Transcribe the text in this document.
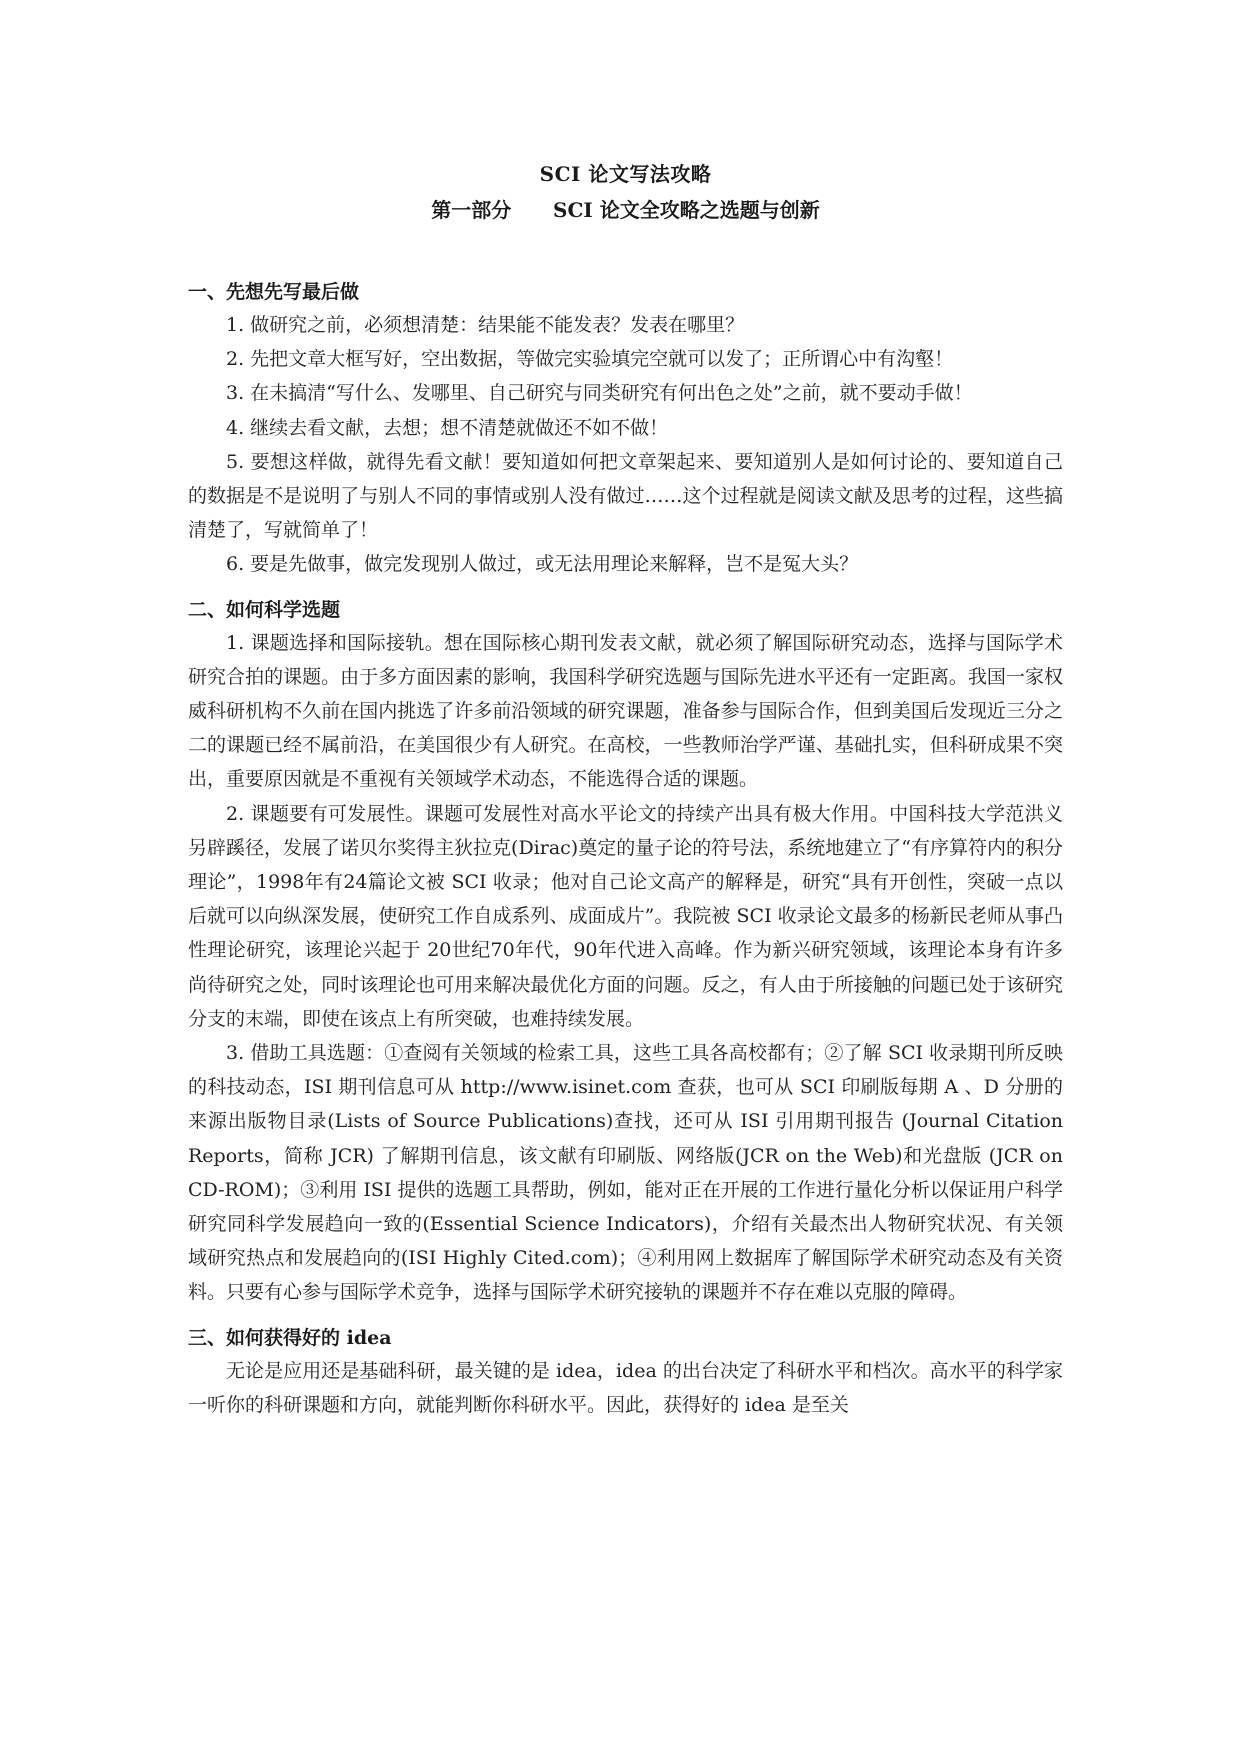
SCI 论文写法攻略
第一部分      SCI 论文全攻略之选题与创新
一、先想先写最后做

1. 做研究之前，必须想清楚：结果能不能发表？发表在哪里？

2. 先把文章大框写好，空出数据，等做完实验填完空就可以发了；正所谓心中有沟壑！

3. 在未搞清“写什么、发哪里、自己研究与同类研究有何出色之处”之前，就不要动手做！

4. 继续去看文献，去想；想不清楚就做还不如不做！

5. 要想这样做，就得先看文献！要知道如何把文章架起来、要知道别人是如何讨论的、要知道自己的数据是不是说明了与别人不同的事情或别人没有做过……这个过程就是阅读文献及思考的过程，这些搞清楚了，写就简单了！

6. 要是先做事，做完发现别人做过，或无法用理论来解释，岂不是冤大头？

二、如何科学选题

1. 课题选择和国际接轨。想在国际核心期刊发表文献，就必须了解国际研究动态，选择与国际学术研究合拍的课题。由于多方面因素的影响，我国科学研究选题与国际先进水平还有一定距离。我国一家权威科研机构不久前在国内挑选了许多前沿领域的研究课题，准备参与国际合作，但到美国后发现近三分之二的课题已经不属前沿，在美国很少有人研究。在高校，一些教师治学严谨、基础扎实，但科研成果不突出，重要原因就是不重视有关领域学术动态，不能选得合适的课题。

2. 课题要有可发展性。课题可发展性对高水平论文的持续产出具有极大作用。中国科技大学范洪义另辟蹊径，发展了诺贝尔奖得主狄拉克(Dirac)奠定的量子论的符号法，系统地建立了“有序算符内的积分理论”，1998年有24篇论文被 SCI 收录；他对自己论文高产的解释是，研究“具有开创性，突破一点以后就可以向纵深发展，使研究工作自成系列、成面成片”。我院被 SCI 收录论文最多的杨新民老师从事凸性理论研究，该理论兴起于 20世纪70年代，90年代进入高峰。作为新兴研究领域，该理论本身有许多尚待研究之处，同时该理论也可用来解决最优化方面的问题。反之，有人由于所接触的问题已处于该研究分支的末端，即使在该点上有所突破，也难持续发展。

3. 借助工具选题：①查阅有关领域的检索工具，这些工具各高校都有；②了解 SCI 收录期刊所反映的科技动态，ISI 期刊信息可从 http://www.isinet.com 查获，也可从 SCI 印刷版每期 A 、D 分册的来源出版物目录(Lists of Source Publications)查找，还可从 ISI 引用期刊报告 (Journal Citation Reports，简称 JCR) 了解期刊信息，该文献有印刷版、网络版(JCR on the Web)和光盘版 (JCR on CD-ROM)；③利用 ISI 提供的选题工具帮助，例如，能对正在开展的工作进行量化分析以保证用户科学研究同科学发展趋向一致的(Essential Science Indicators)，介绍有关最杰出人物研究状况、有关领域研究热点和发展趋向的(ISI Highly Cited.com)；④利用网上数据库了解国际学术研究动态及有关资料。只要有心参与国际学术竞争，选择与国际学术研究接轨的课题并不存在难以克服的障碍。

三、如何获得好的 idea

无论是应用还是基础科研，最关键的是 idea，idea 的出台决定了科研水平和档次。高水平的科学家一听你的科研课题和方向，就能判断你科研水平。因此，获得好的 idea 是至关
